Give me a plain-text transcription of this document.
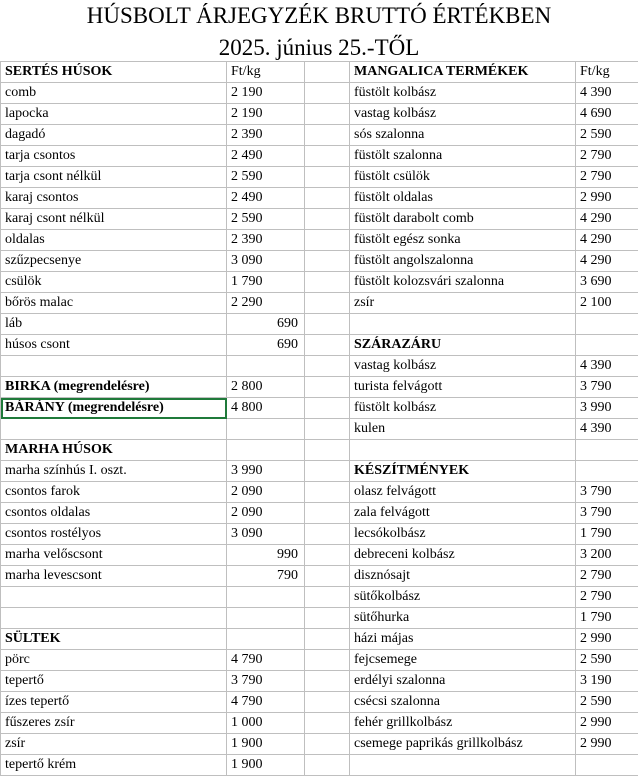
HÚSBOLT ÁRJEGYZÉK BRUTTÓ ÉRTÉKBEN
2025. június 25.-TŐL
SERTÉS HÚSOK	Ft/kg		MANGALICA TERMÉKEK	Ft/kg
comb	2 190		füstölt kolbász	4 390
lapocka	2 190		vastag kolbász	4 690
dagadó	2 390		sós szalonna	2 590
tarja csontos	2 490		füstölt szalonna	2 790
tarja csont nélkül	2 590		füstölt csülök	2 790
karaj csontos	2 490		füstölt oldalas	2 990
karaj csont nélkül	2 590		füstölt darabolt comb	4 290
oldalas	2 390		füstölt egész sonka	4 290
szűzpecsenye	3 090		füstölt angolszalonna	4 290
csülök	1 790		füstölt kolozsvári szalonna	3 690
bőrös malac	2 290		zsír	2 100
láb	690			
húsos csont	690		SZÁRAZÁRU	
			vastag kolbász	4 390
BIRKA (megrendelésre)	2 800		turista felvágott	3 790
BÁRÁNY (megrendelésre)	4 800		füstölt kolbász	3 990
			kulen	4 390
MARHA HÚSOK				
marha színhús I. oszt.	3 990		KÉSZÍTMÉNYEK	
csontos farok	2 090		olasz felvágott	3 790
csontos oldalas	2 090		zala felvágott	3 790
csontos rostélyos	3 090		lecsókolbász	1 790
marha velőscsont	990		debreceni kolbász	3 200
marha levescsont	790		disznósajt	2 790
			sütőkolbász	2 790
			sütőhurka	1 790
SÜLTEK			házi májas	2 990
pörc	4 790		fejcsemege	2 590
tepertő	3 790		erdélyi szalonna	3 190
ízes tepertő	4 790		csécsi szalonna	2 590
fűszeres zsír	1 000		fehér grillkolbász	2 990
zsír	1 900		csemege paprikás grillkolbász	2 990
tepertő krém	1 900			
